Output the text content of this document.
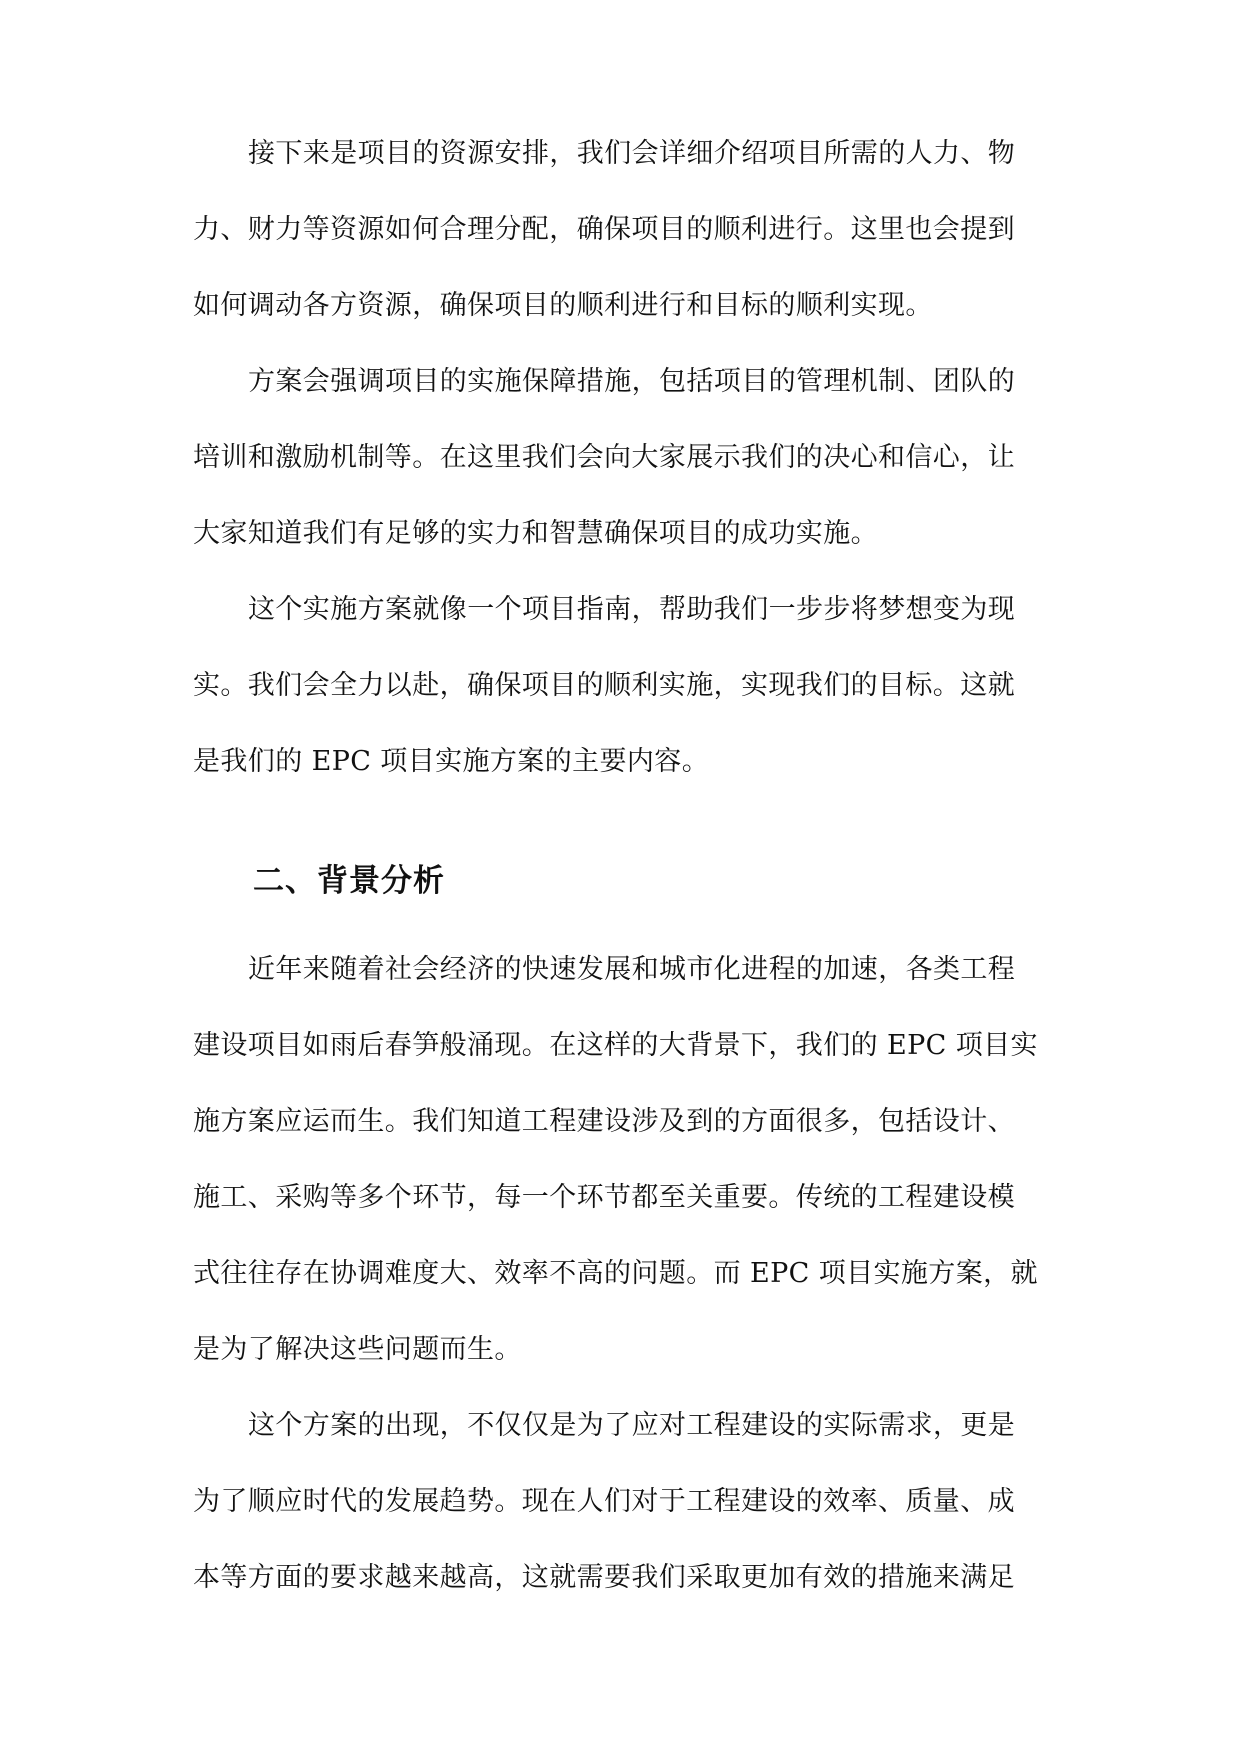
接下来是项目的资源安排，我们会详细介绍项目所需的人力、物
力、财力等资源如何合理分配，确保项目的顺利进行。这里也会提到
如何调动各方资源，确保项目的顺利进行和目标的顺利实现。
方案会强调项目的实施保障措施，包括项目的管理机制、团队的
培训和激励机制等。在这里我们会向大家展示我们的决心和信心，让
大家知道我们有足够的实力和智慧确保项目的成功实施。
这个实施方案就像一个项目指南，帮助我们一步步将梦想变为现
实。我们会全力以赴，确保项目的顺利实施，实现我们的目标。这就
是我们的 EPC 项目实施方案的主要内容。
二、背景分析
近年来随着社会经济的快速发展和城市化进程的加速，各类工程
建设项目如雨后春笋般涌现。在这样的大背景下，我们的 EPC 项目实
施方案应运而生。我们知道工程建设涉及到的方面很多，包括设计、
施工、采购等多个环节，每一个环节都至关重要。传统的工程建设模
式往往存在协调难度大、效率不高的问题。而 EPC 项目实施方案，就
是为了解决这些问题而生。
这个方案的出现，不仅仅是为了应对工程建设的实际需求，更是
为了顺应时代的发展趋势。现在人们对于工程建设的效率、质量、成
本等方面的要求越来越高，这就需要我们采取更加有效的措施来满足
